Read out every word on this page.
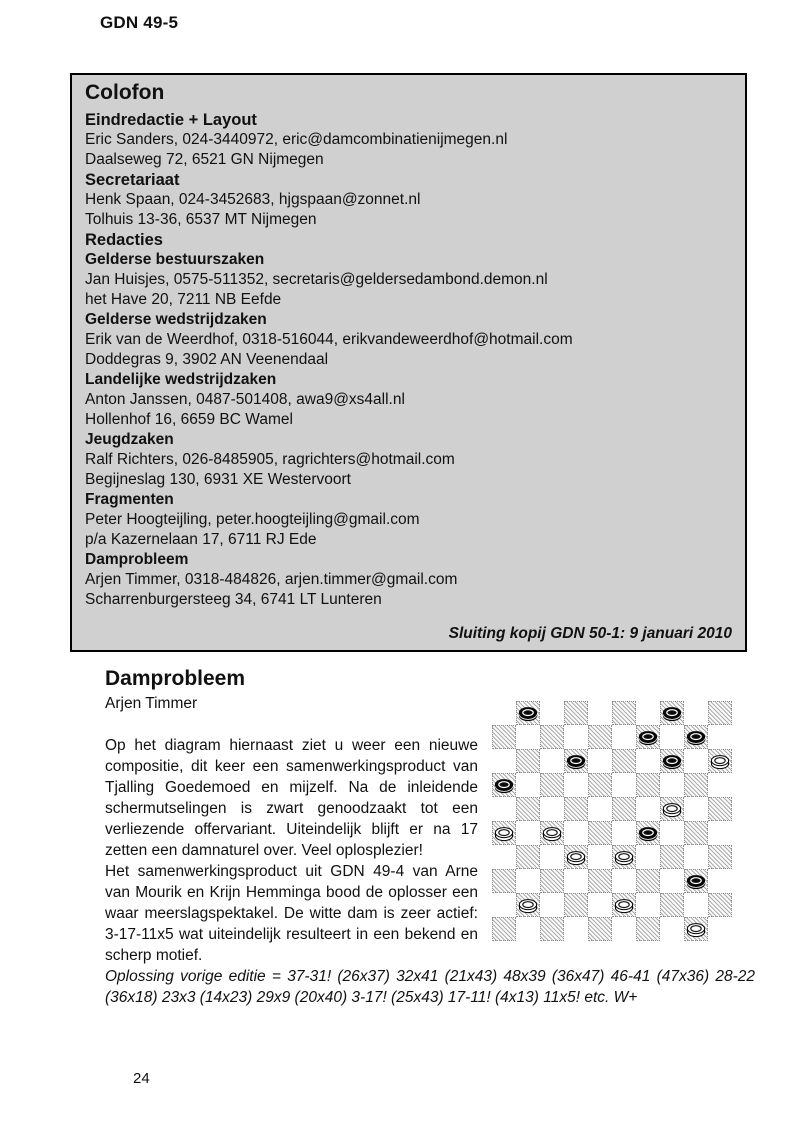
GDN 49-5
Colofon
Eindredactie + Layout
Eric Sanders, 024-3440972, eric@damcombinatienijmegen.nl
Daalseweg 72, 6521 GN Nijmegen
Secretariaat
Henk Spaan, 024-3452683, hjgspaan@zonnet.nl
Tolhuis 13-36, 6537 MT Nijmegen
Redacties
Gelderse bestuurszaken
Jan Huisjes, 0575-511352, secretaris@geldersedambond.demon.nl
het Have 20, 7211 NB Eefde
Gelderse wedstrijdzaken
Erik van de Weerdhof, 0318-516044, erikvandeweerdhof@hotmail.com
Doddegras 9, 3902 AN Veenendaal
Landelijke wedstrijdzaken
Anton Janssen, 0487-501408, awa9@xs4all.nl
Hollenhof 16, 6659 BC Wamel
Jeugdzaken
Ralf Richters, 026-8485905, ragrichters@hotmail.com
Begijneslag 130, 6931 XE Westervoort
Fragmenten
Peter Hoogteijling, peter.hoogteijling@gmail.com
p/a Kazernelaan 17, 6711 RJ Ede
Damprobleem
Arjen Timmer, 0318-484826, arjen.timmer@gmail.com
Scharrenburgersteeg 34, 6741 LT Lunteren
Sluiting kopij GDN 50-1: 9 januari 2010
Damprobleem
Arjen Timmer

Op het diagram hiernaast ziet u weer een nieuwe compositie, dit keer een samenwerkingsproduct van Tjalling Goedemoed en mijzelf. Na de inleidende schermutselingen is zwart genoodzaakt tot een verliezende offervariant. Uiteindelijk blijft er na 17 zetten een damnaturel over. Veel oplosplezier!

Het samenwerkingsproduct uit GDN 49-4 van Arne van Mourik en Krijn Hemminga bood de oplosser een waar meerslagspektakel. De witte dam is zeer actief: 3-17-11x5 wat uiteindelijk resulteert in een bekend en scherp motief.

Oplossing vorige editie = 37-31! (26x37) 32x41 (21x43) 48x39 (36x47) 46-41 (47x36) 28-22 (36x18) 23x3 (14x23) 29x9 (20x40) 3-17! (25x43) 17-11! (4x13) 11x5! etc. W+

24
